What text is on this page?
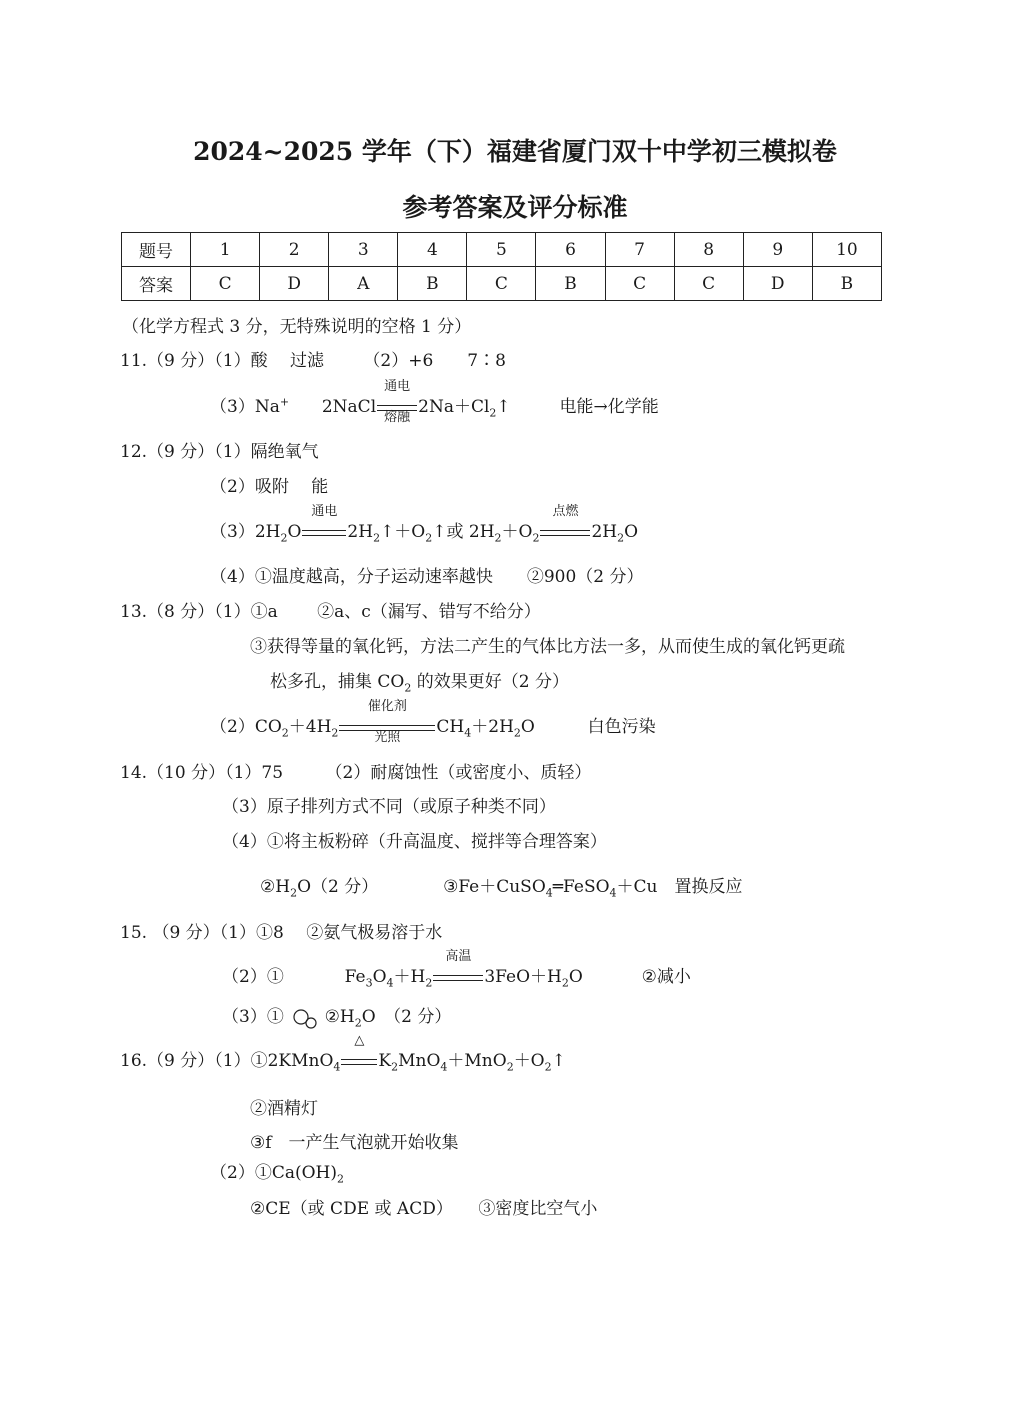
2024~2025 学年（下）福建省厦门双十中学初三模拟卷
参考答案及评分标准
题号	1	2	3	4	5	6	7	8	9	10
答案	C	D	A	B	C	B	C	C	D	B
（化学方程式 3 分，无特殊说明的空格 1 分）
11.（9 分）（1）酸　 过滤　　 （2）+6　　7∶8
（3）Na+ 2NaCl
通电
熔融
$2Na+Cl_2↑$	电能→化学能
12.（9 分）（1）隔绝氧气
（2）吸附　 能
$(3)2H_2O$
通电
$2H_2↑+O_2↑$或 $2H_2+O_2$
点燃
$2H_2O$
（4）①温度越高，分子运动速率越快　　②900（2 分）
13.（8 分）（1）①a　　 ②a、c（漏写、错写不给分）
③获得等量的氧化钙，方法二产生的气体比方法一多，从而使生成的氧化钙更疏
松多孔，捕集 $CO_2$ 的效果更好（2 分）
$(2)CO_2+4H_2$
催化剂
光照
$CH_4+2H_2O$	白色污染
14.（10 分）（1）75　　　（2）耐腐蚀性（或密度小、质轻）
（3）原子排列方式不同（或原子种类不同）
（4）①将主板粉碎（升高温度、搅拌等合理答案）
$②H_2O(2$ 分）	③Fe＋CuSO$_4$═FeSO$_4$＋Cu　置换反应
15. （9 分）（1）①8　 ②氨气极易溶于水
（2）①	$Fe_3O_4+H_2$
高温
$3FeO+H_2O$	②减小
（3）① $②H_2O$　（2 分）
16.（9 分）（1）①2KMnO$_4$
△
$K_2MnO_4+MnO_2+O_2↑$
②酒精灯
③f　一产生气泡就开始收集
$(2)①Ca(OH)_2$
②CE（或 CDE 或 ACD）　　③密度比空气小
